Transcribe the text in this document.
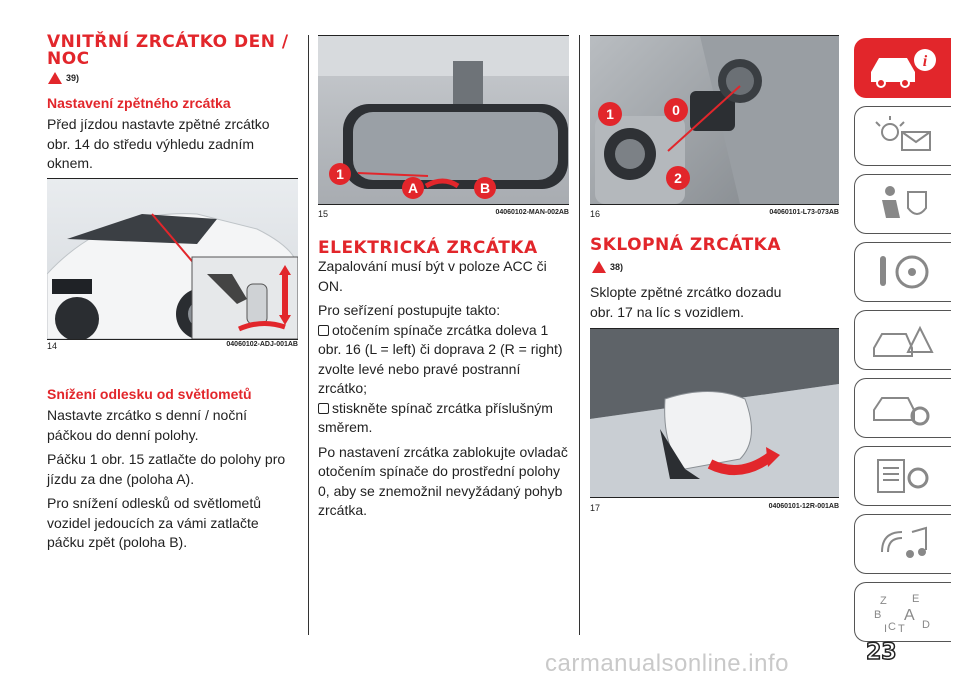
VNITŘNÍ ZRCÁTKO DEN /
NOC
39)
Nastavení zpětného zrcátka
Před jízdou nastavte zpětné zrcátko
obr. 14 do středu výhledu zadním
oknem.
14	04060102-ADJ-001AB
Snížení odlesku od světlometů
Nastavte zrcátko s denní / noční
páčkou do denní polohy.
Páčku 1 obr. 15 zatlačte do polohy pro
jízdu za dne (poloha A).
Pro snížení odlesků od světlometů
vozidel jedoucích za vámi zatlačte
páčku zpět (poloha B).
1
A	B
15	04060102-MAN-002AB
ELEKTRICKÁ ZRCÁTKA
Zapalování musí být v poloze ACC či
ON.
Pro seřízení postupujte takto:
otočením spínače zrcátka doleva 1
obr. 16 (L = left) či doprava 2 (R = right)
zvolte levé nebo pravé postranní
zrcátko;
stiskněte spínač zrcátka příslušným
směrem.
Po nastavení zrcátka zablokujte ovladač
otočením spínače do prostřední polohy
0, aby se znemožnil nevyžádaný pohyb
zrcátka.
1	0
2
16	04060101-L73-073AB
SKLOPNÁ ZRCÁTKA
38)
Sklopte zpětné zrcátko dozadu
obr. 17 na líc s vozidlem.
17	04060101-12R-001AB
i
Z E
B A
C T D
I
23
carmanualsonline.info
